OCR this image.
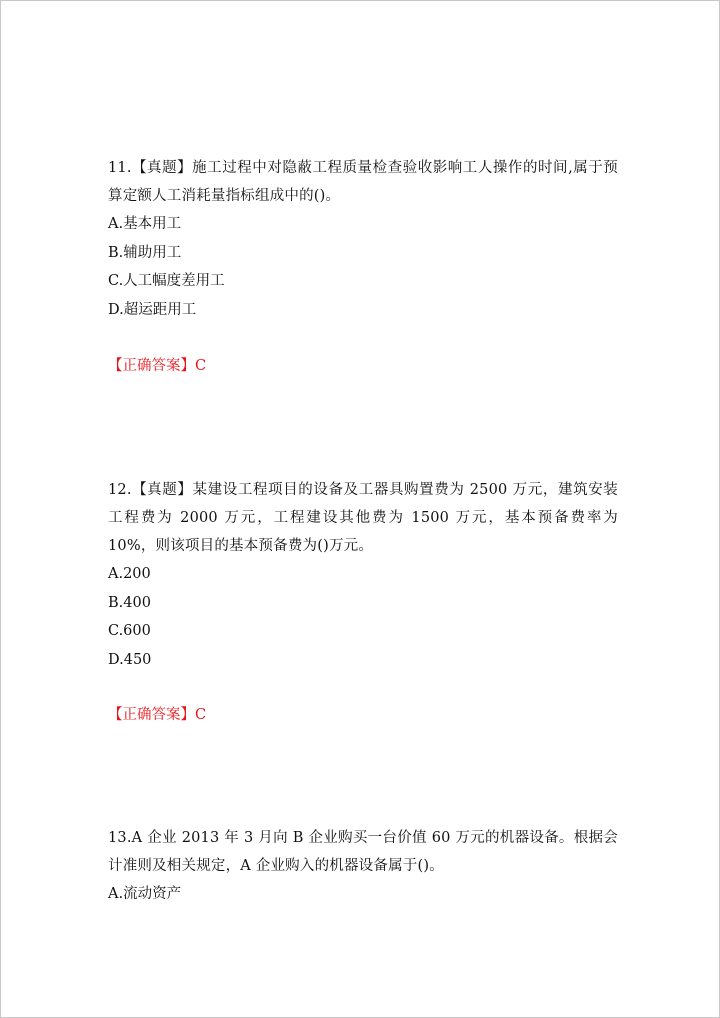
11.【真题】施工过程中对隐蔽工程质量检查验收影响工人操作的时间,属于预算定额人工消耗量指标组成中的()。

A.基本用工

B.辅助用工

C.人工幅度差用工

D.超运距用工

【正确答案】C

12.【真题】某建设工程项目的设备及工器具购置费为 2500 万元，建筑安装工程费为 2000 万元，工程建设其他费为 1500 万元，基本预备费率为 10%，则该项目的基本预备费为()万元。

A.200

B.400

C.600

D.450

【正确答案】C

13.A 企业 2013 年 3 月向 B 企业购买一台价值 60 万元的机器设备。根据会计准则及相关规定，A 企业购入的机器设备属于()。

A.流动资产
